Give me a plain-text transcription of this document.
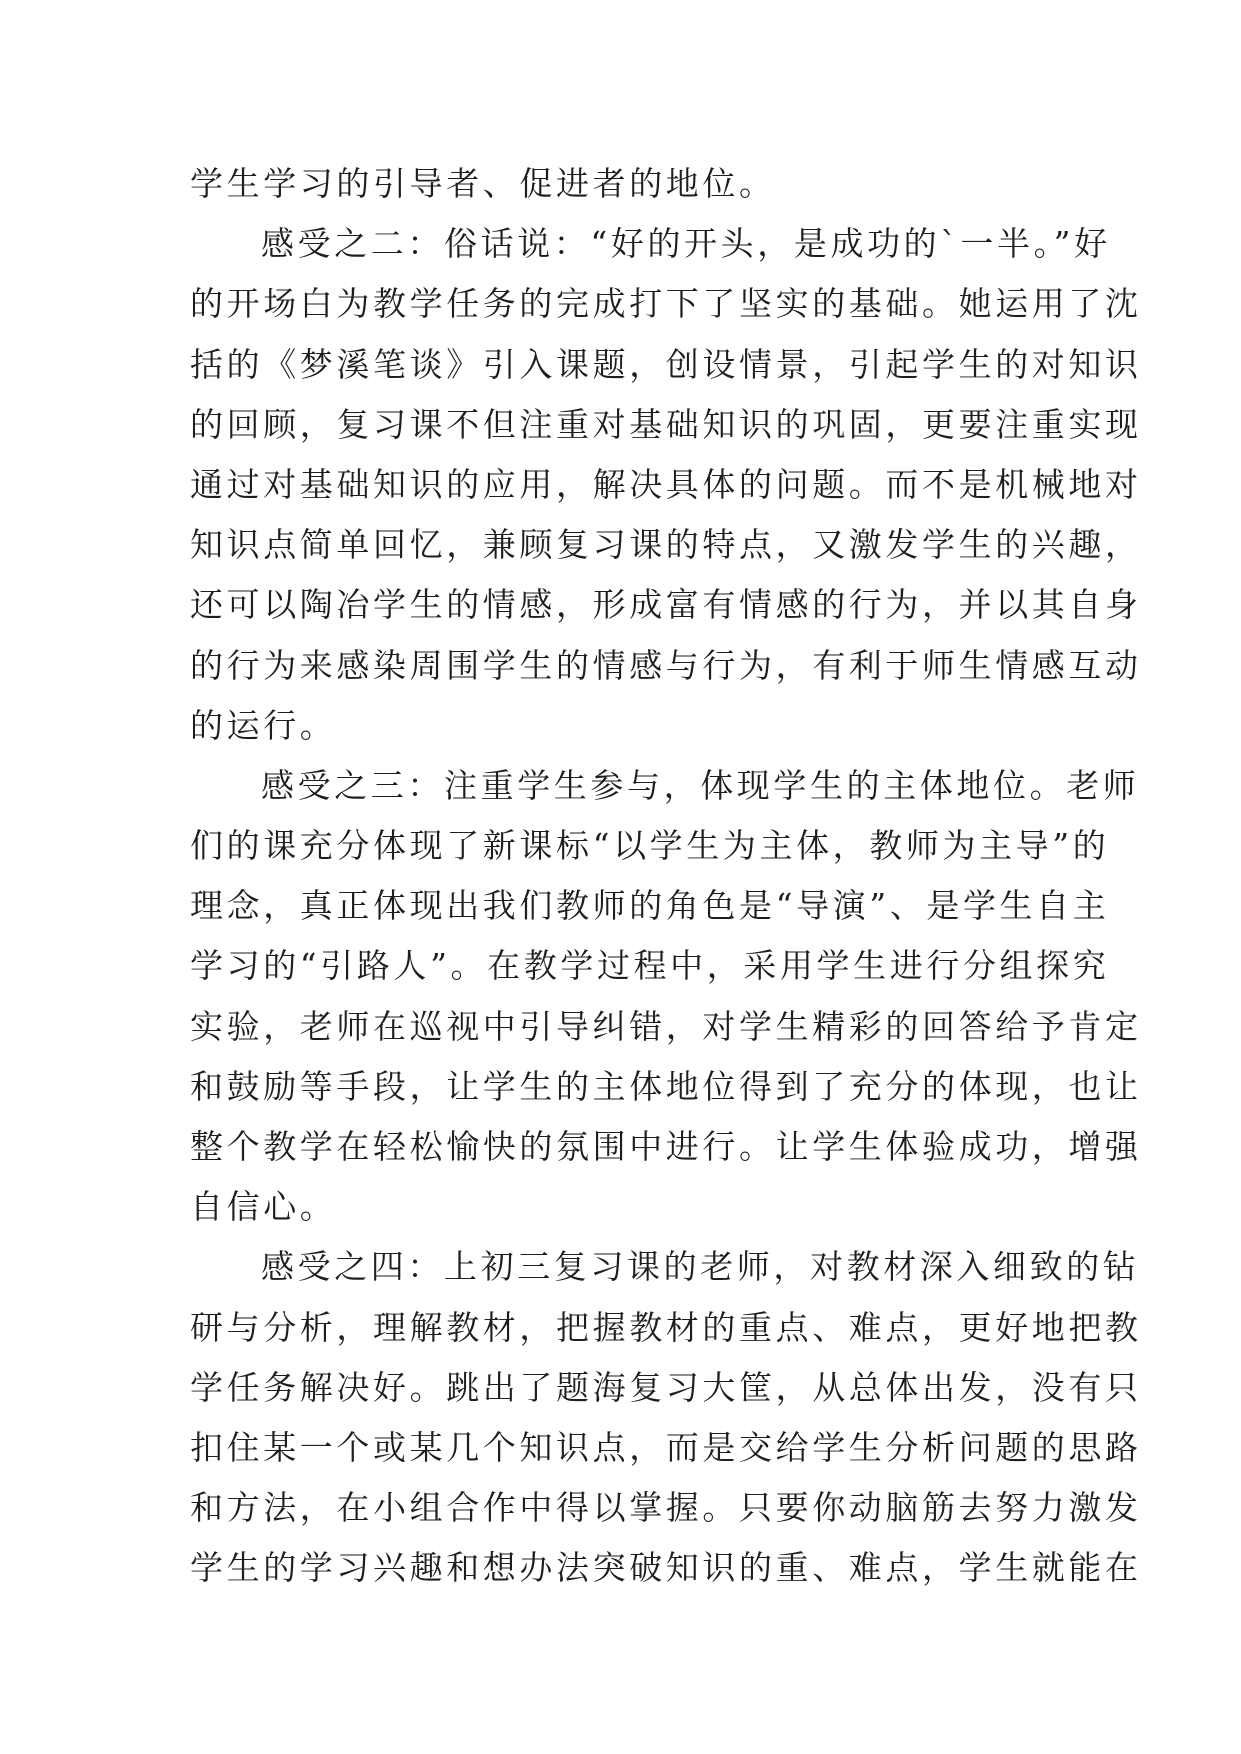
学生学习的引导者、促进者的地位。
感受之二：俗话说：“好的开头，是成功的`一半。”好
的开场白为教学任务的完成打下了坚实的基础。她运用了沈
括的《梦溪笔谈》引入课题，创设情景，引起学生的对知识
的回顾，复习课不但注重对基础知识的巩固，更要注重实现
通过对基础知识的应用，解决具体的问题。而不是机械地对
知识点简单回忆，兼顾复习课的特点，又激发学生的兴趣，
还可以陶冶学生的情感，形成富有情感的行为，并以其自身
的行为来感染周围学生的情感与行为，有利于师生情感互动
的运行。
感受之三：注重学生参与，体现学生的主体地位。老师
们的课充分体现了新课标“以学生为主体，教师为主导”的
理念，真正体现出我们教师的角色是“导演”、是学生自主
学习的“引路人”。在教学过程中，采用学生进行分组探究
实验，老师在巡视中引导纠错，对学生精彩的回答给予肯定
和鼓励等手段，让学生的主体地位得到了充分的体现，也让
整个教学在轻松愉快的氛围中进行。让学生体验成功，增强
自信心。
感受之四：上初三复习课的老师，对教材深入细致的钻
研与分析，理解教材，把握教材的重点、难点，更好地把教
学任务解决好。跳出了题海复习大筐，从总体出发，没有只
扣住某一个或某几个知识点，而是交给学生分析问题的思路
和方法，在小组合作中得以掌握。只要你动脑筋去努力激发
学生的学习兴趣和想办法突破知识的重、难点，学生就能在
